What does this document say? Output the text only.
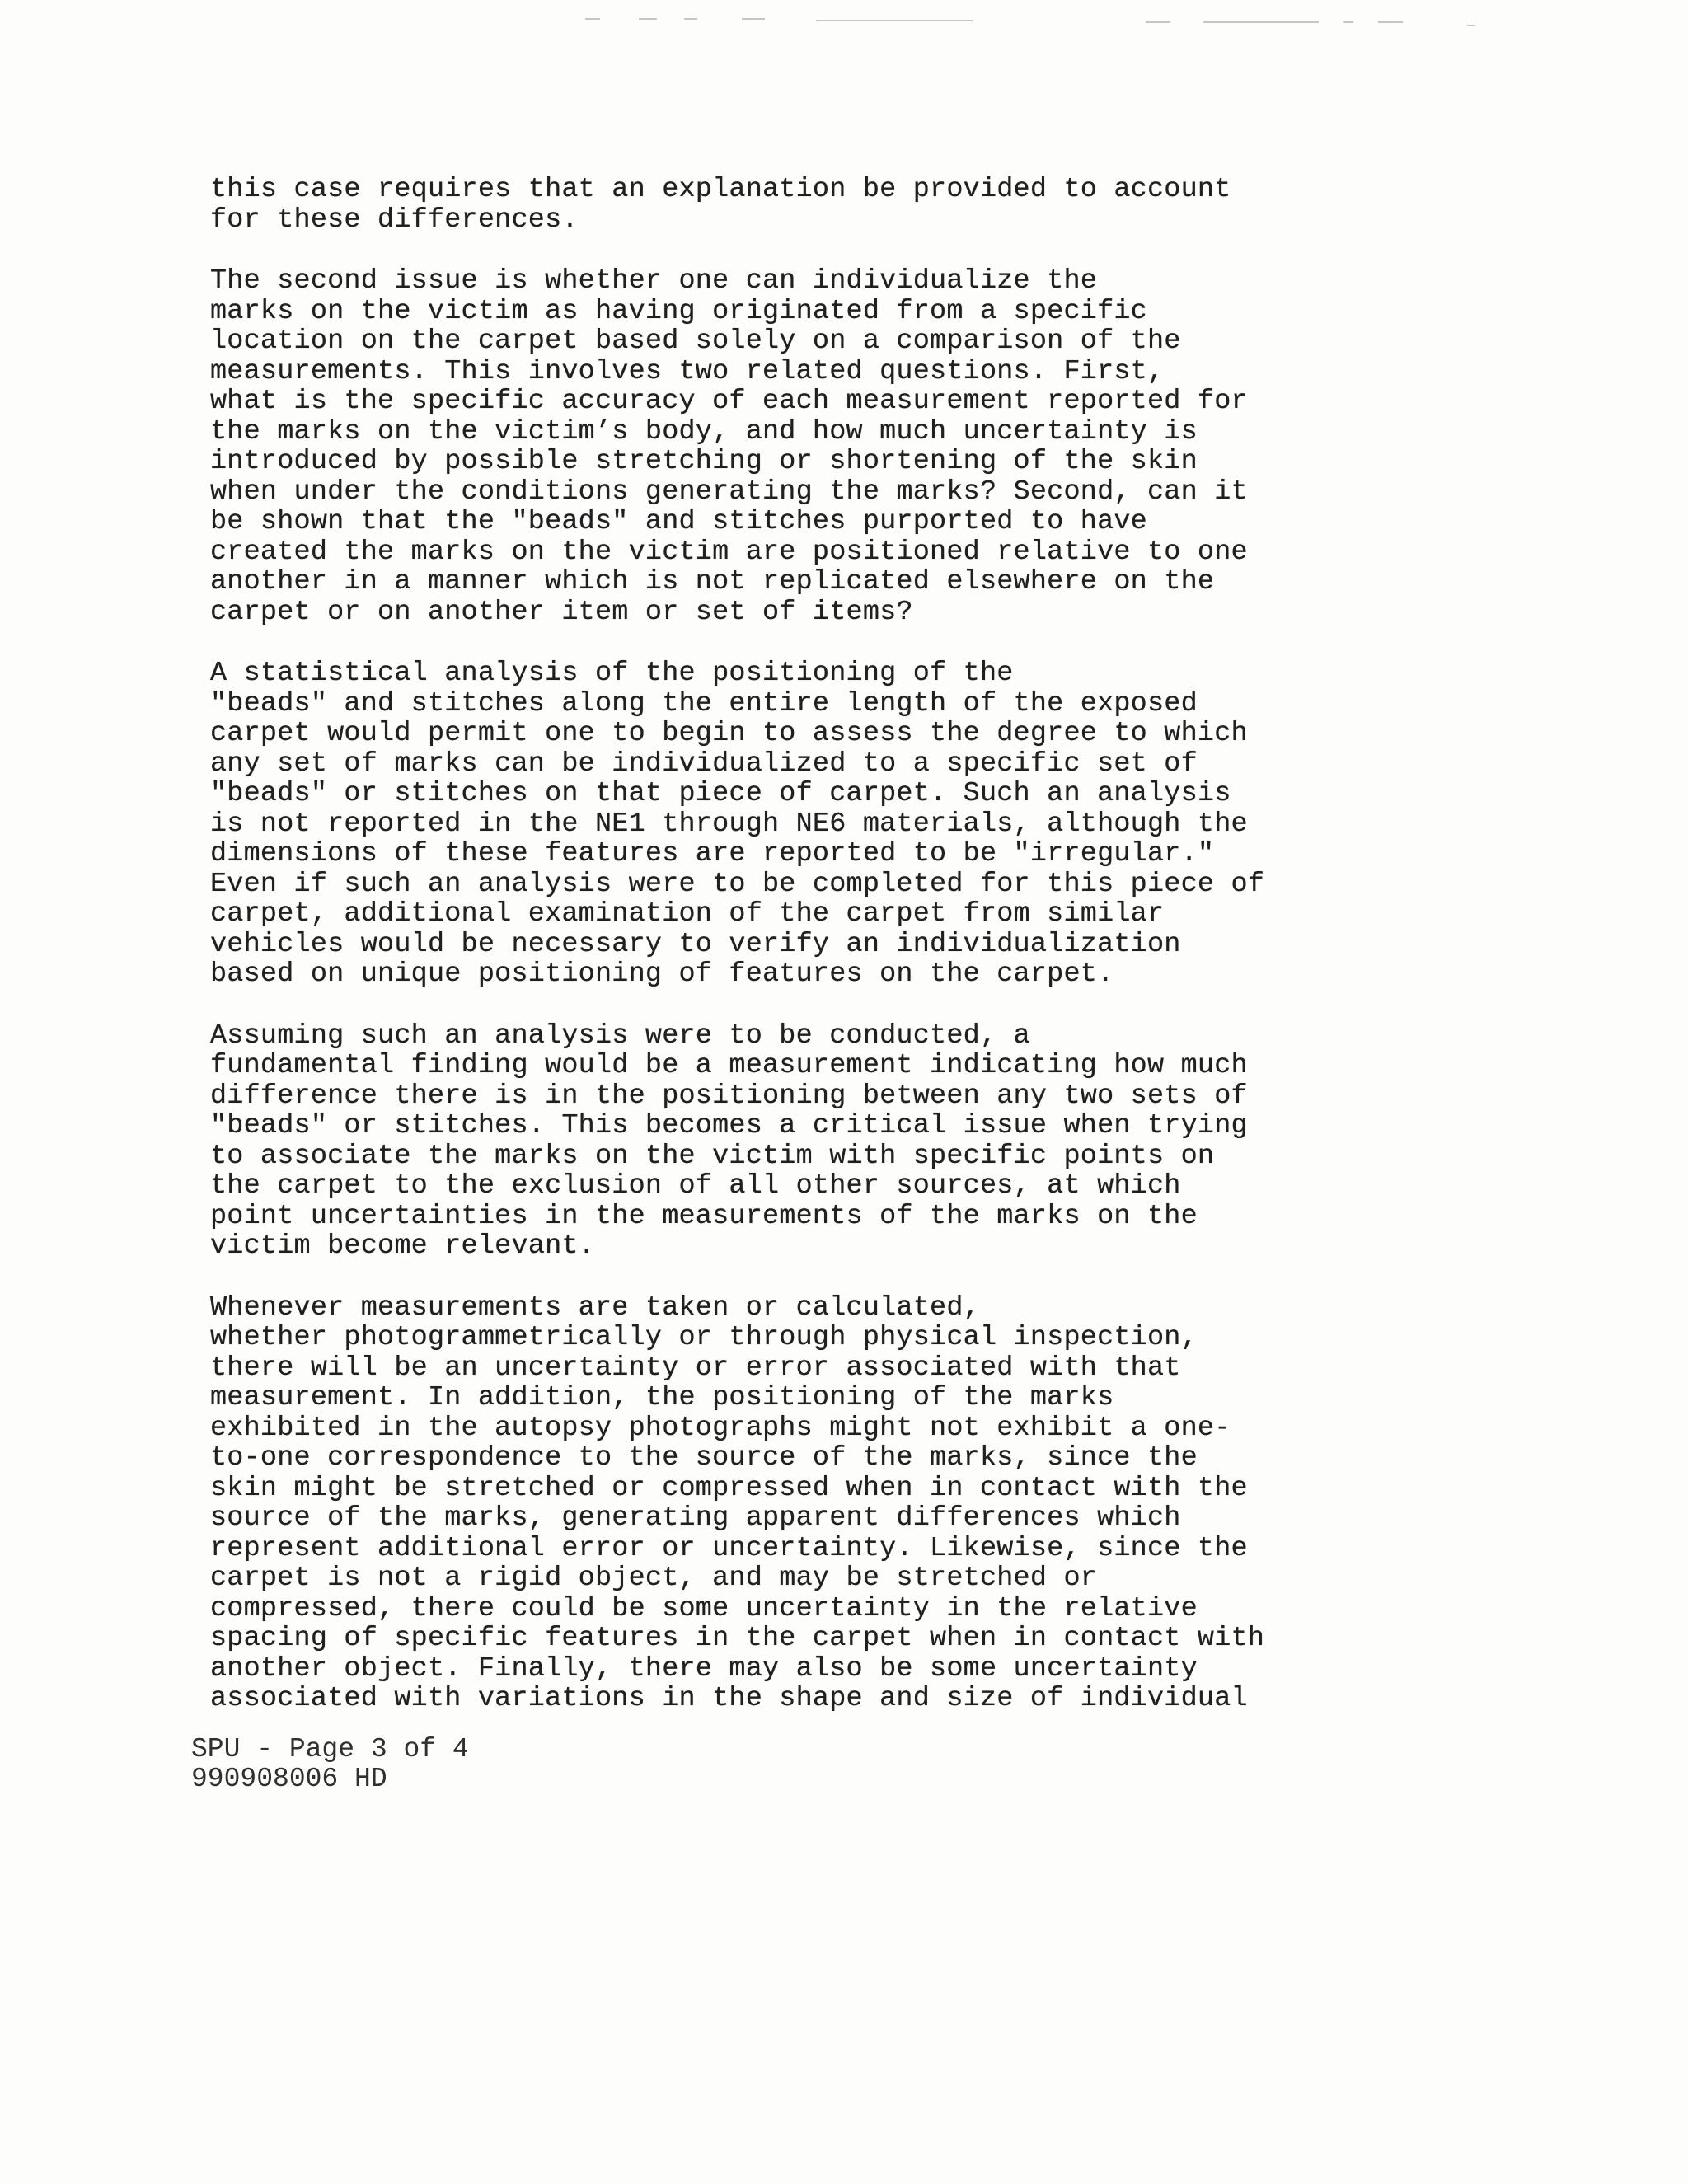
this case requires that an explanation be provided to account
for these differences.

The second issue is whether one can individualize the
marks on the victim as having originated from a specific
location on the carpet based solely on a comparison of the
measurements. This involves two related questions. First,
what is the specific accuracy of each measurement reported for
the marks on the victim’s body, and how much uncertainty is
introduced by possible stretching or shortening of the skin
when under the conditions generating the marks? Second, can it
be shown that the "beads" and stitches purported to have
created the marks on the victim are positioned relative to one
another in a manner which is not replicated elsewhere on the
carpet or on another item or set of items?

A statistical analysis of the positioning of the
"beads" and stitches along the entire length of the exposed
carpet would permit one to begin to assess the degree to which
any set of marks can be individualized to a specific set of
"beads" or stitches on that piece of carpet. Such an analysis
is not reported in the NE1 through NE6 materials, although the
dimensions of these features are reported to be "irregular."
Even if such an analysis were to be completed for this piece of
carpet, additional examination of the carpet from similar
vehicles would be necessary to verify an individualization
based on unique positioning of features on the carpet.

Assuming such an analysis were to be conducted, a
fundamental finding would be a measurement indicating how much
difference there is in the positioning between any two sets of
"beads" or stitches. This becomes a critical issue when trying
to associate the marks on the victim with specific points on
the carpet to the exclusion of all other sources, at which
point uncertainties in the measurements of the marks on the
victim become relevant.

Whenever measurements are taken or calculated,
whether photogrammetrically or through physical inspection,
there will be an uncertainty or error associated with that
measurement. In addition, the positioning of the marks
exhibited in the autopsy photographs might not exhibit a one-
to-one correspondence to the source of the marks, since the
skin might be stretched or compressed when in contact with the
source of the marks, generating apparent differences which
represent additional error or uncertainty. Likewise, since the
carpet is not a rigid object, and may be stretched or
compressed, there could be some uncertainty in the relative
spacing of specific features in the carpet when in contact with
another object. Finally, there may also be some uncertainty
associated with variations in the shape and size of individual

SPU - Page 3 of 4
990908006 HD
